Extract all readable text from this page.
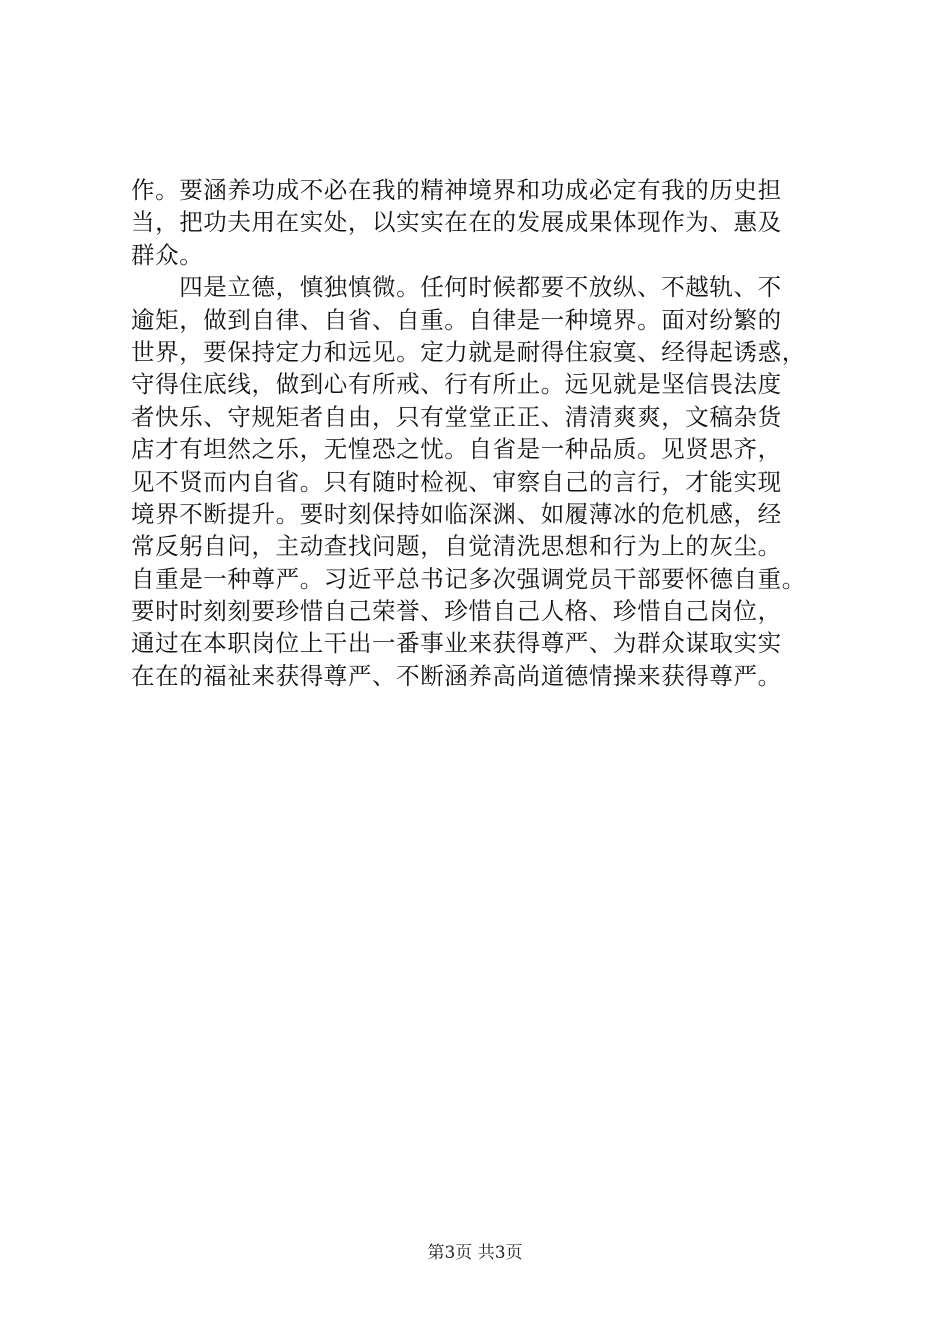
作。要涵养功成不必在我的精神境界和功成必定有我的历史担
当，把功夫用在实处，以实实在在的发展成果体现作为、惠及
群众。
　　四是立德，慎独慎微。任何时候都要不放纵、不越轨、不
逾矩，做到自律、自省、自重。自律是一种境界。面对纷繁的
世界，要保持定力和远见。定力就是耐得住寂寞、经得起诱惑，
守得住底线，做到心有所戒、行有所止。远见就是坚信畏法度
者快乐、守规矩者自由，只有堂堂正正、清清爽爽，文稿杂货
店才有坦然之乐，无惶恐之忧。自省是一种品质。见贤思齐，
见不贤而内自省。只有随时检视、审察自己的言行，才能实现
境界不断提升。要时刻保持如临深渊、如履薄冰的危机感，经
常反躬自问，主动查找问题，自觉清洗思想和行为上的灰尘。
自重是一种尊严。习近平总书记多次强调党员干部要怀德自重。
要时时刻刻要珍惜自己荣誉、珍惜自己人格、珍惜自己岗位，
通过在本职岗位上干出一番事业来获得尊严、为群众谋取实实
在在的福祉来获得尊严、不断涵养高尚道德情操来获得尊严。
第3页 共3页
